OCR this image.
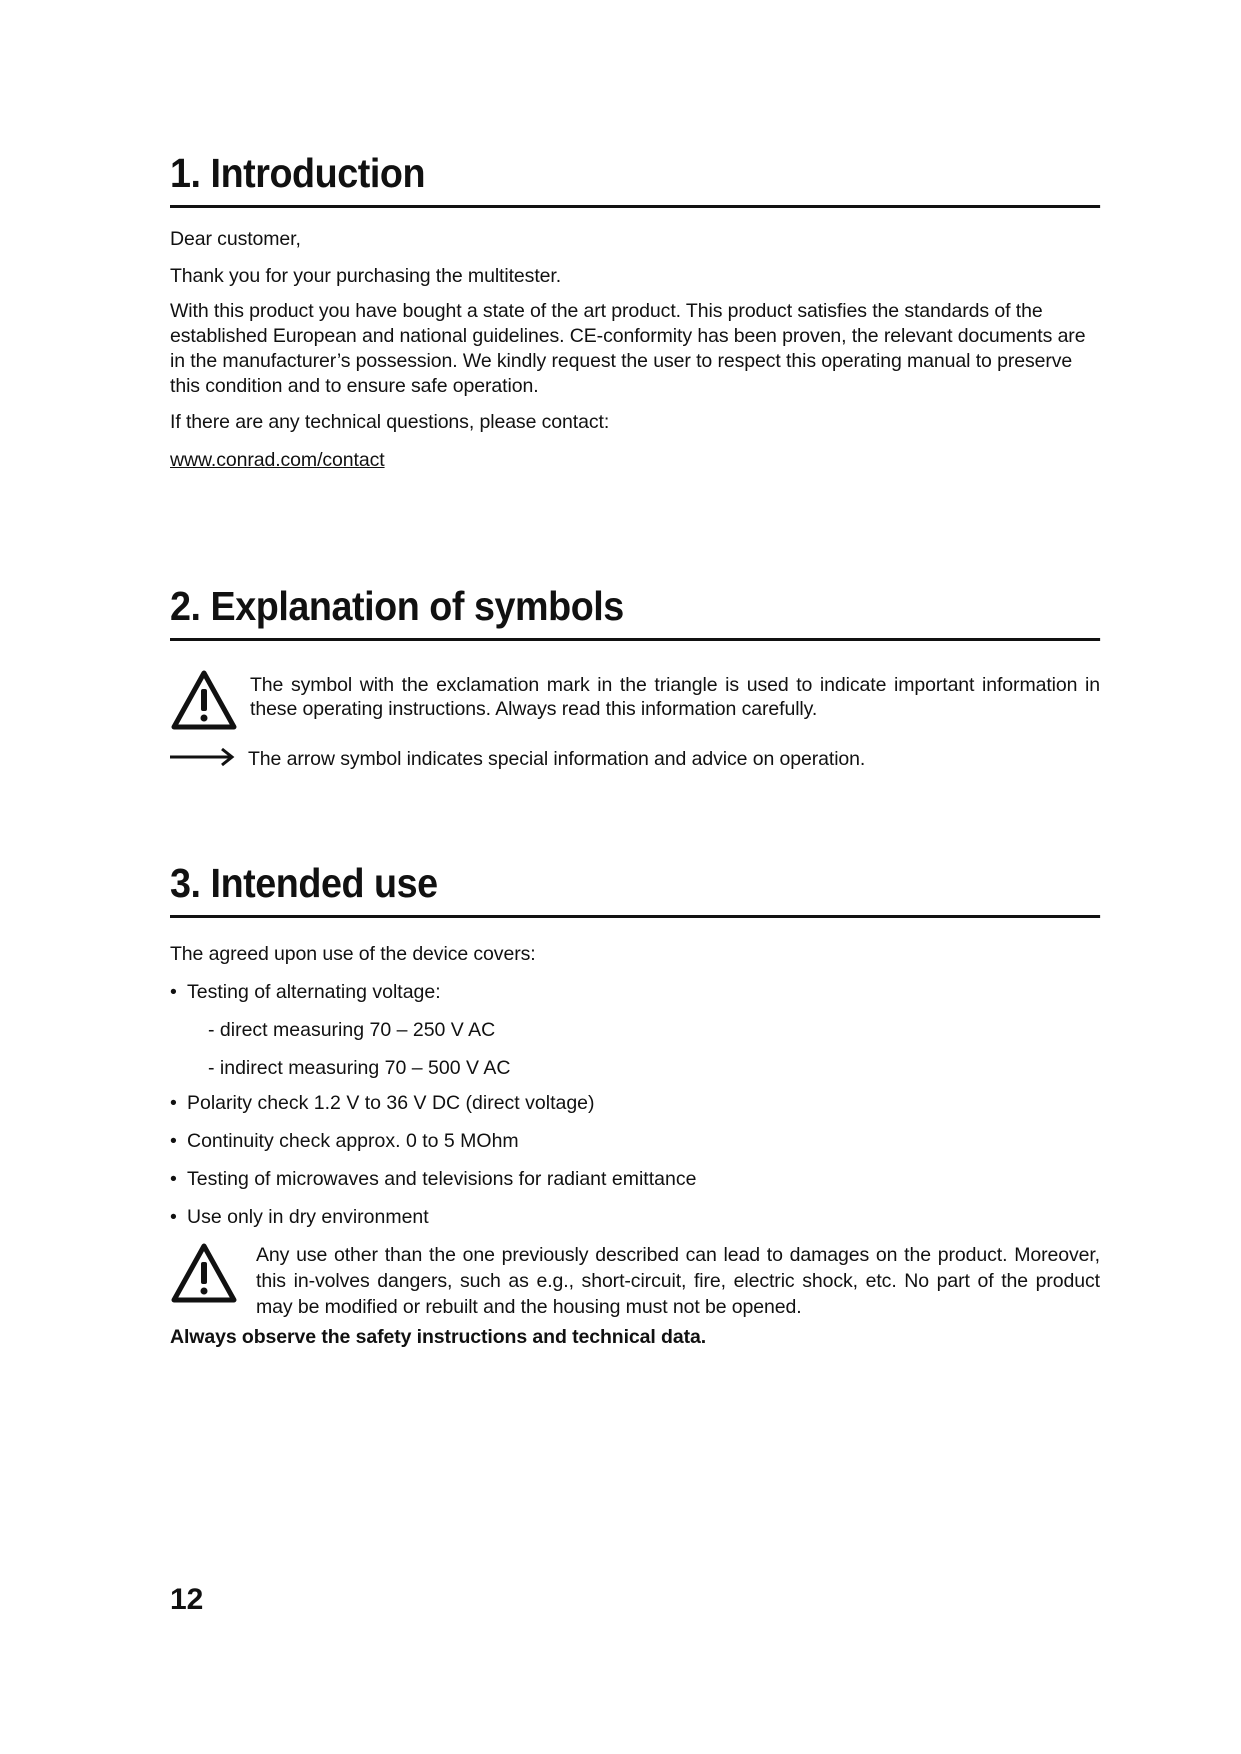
1. Introduction

Dear customer,

Thank you for your purchasing the multitester.

With this product you have bought a state of the art product. This product satisfies the standards of the established European and national guidelines. CE-conformity has been proven, the relevant documents are in the manufacturer’s possession. We kindly request the user to respect this operating manual to preserve this condition and to ensure safe operation.

If there are any technical questions, please contact:

www.conrad.com/contact
2. Explanation of symbols

The symbol with the exclamation mark in the triangle is used to indicate important information in these operating instructions. Always read this information carefully.

The arrow symbol indicates special information and advice on operation.

3. Intended use

The agreed upon use of the device covers:

• Testing of alternating voltage:

- direct measuring 70 – 250 V AC

- indirect measuring 70 – 500 V AC

• Polarity check 1.2 V to 36 V DC (direct voltage)
• Continuity check approx. 0 to 5 MOhm
• Testing of microwaves and televisions for radiant emittance
• Use only in dry environment

Any use other than the one previously described can lead to damages on the product. Moreover, this in-volves dangers, such as e.g., short-circuit, fire, electric shock, etc. No part of the product may be modified or rebuilt and the housing must not be opened.

Always observe the safety instructions and technical data.

12
